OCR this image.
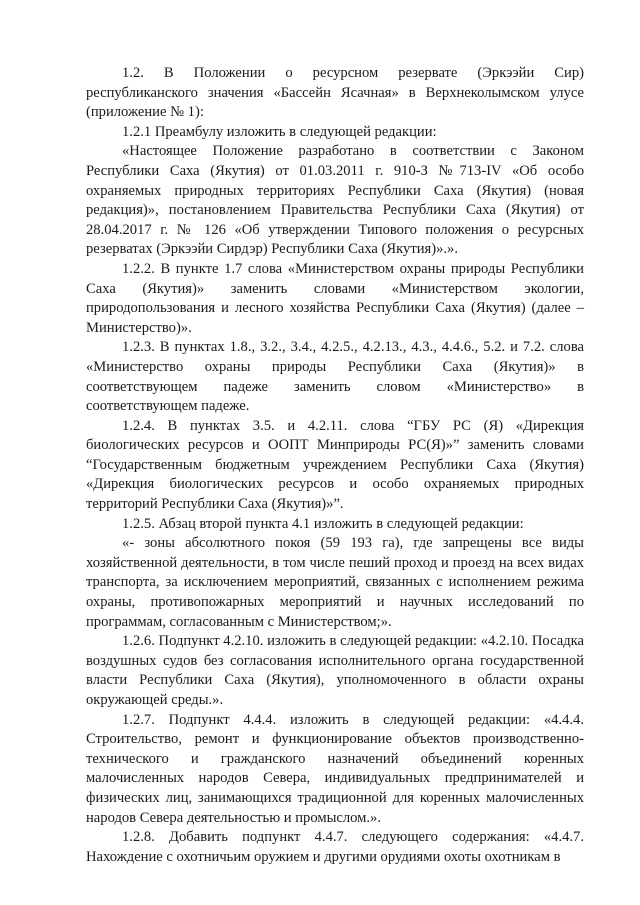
1.2. В Положении о ресурсном резервате (Эркээйи Сир) республиканского значения «Бассейн Ясачная» в Верхнеколымском улусе (приложение № 1):

1.2.1 Преамбулу изложить в следующей редакции:

«Настоящее Положение разработано в соответствии с Законом Республики Саха (Якутия) от 01.03.2011 г. 910-З №713-IV «Об особо охраняемых природных территориях Республики Саха (Якутия) (новая редакция)», постановлением Правительства Республики Саха (Якутия) от 28.04.2017 г. № 126 «Об утверждении Типового положения о ресурсных резерватах (Эркээйи Сирдэр) Республики Саха (Якутия)».».

1.2.2. В пункте 1.7 слова «Министерством охраны природы Республики Саха (Якутия)» заменить словами «Министерством экологии, природопользования и лесного хозяйства Республики Саха (Якутия) (далее – Министерство)».

1.2.3. В пунктах 1.8., 3.2., 3.4., 4.2.5., 4.2.13., 4.3., 4.4.6., 5.2. и 7.2. слова «Министерство охраны природы Республики Саха (Якутия)» в соответствующем падеже заменить словом «Министерство» в соответствующем падеже.

1.2.4. В пунктах 3.5. и 4.2.11. слова “ГБУ РС (Я) «Дирекция биологических ресурсов и ООПТ Минприроды РС(Я)»” заменить словами “Государственным бюджетным учреждением Республики Саха (Якутия) «Дирекция биологических ресурсов и особо охраняемых природных территорий Республики Саха (Якутия)»”.

1.2.5. Абзац второй пункта 4.1 изложить в следующей редакции:

«- зоны абсолютного покоя (59 193 га), где запрещены все виды хозяйственной деятельности, в том числе пеший проход и проезд на всех видах транспорта, за исключением мероприятий, связанных с исполнением режима охраны, противопожарных мероприятий и научных исследований по программам, согласованным с Министерством;».

1.2.6. Подпункт 4.2.10. изложить в следующей редакции: «4.2.10. Посадка воздушных судов без согласования исполнительного органа государственной власти Республики Саха (Якутия), уполномоченного в области охраны окружающей среды.».

1.2.7. Подпункт 4.4.4. изложить в следующей редакции: «4.4.4. Строительство, ремонт и функционирование объектов производственно-технического и гражданского назначений объединений коренных малочисленных народов Севера, индивидуальных предпринимателей и физических лиц, занимающихся традиционной для коренных малочисленных народов Севера деятельностью и промыслом.».

1.2.8. Добавить подпункт 4.4.7. следующего содержания: «4.4.7. Нахождение с охотничьим оружием и другими орудиями охоты охотникам в
